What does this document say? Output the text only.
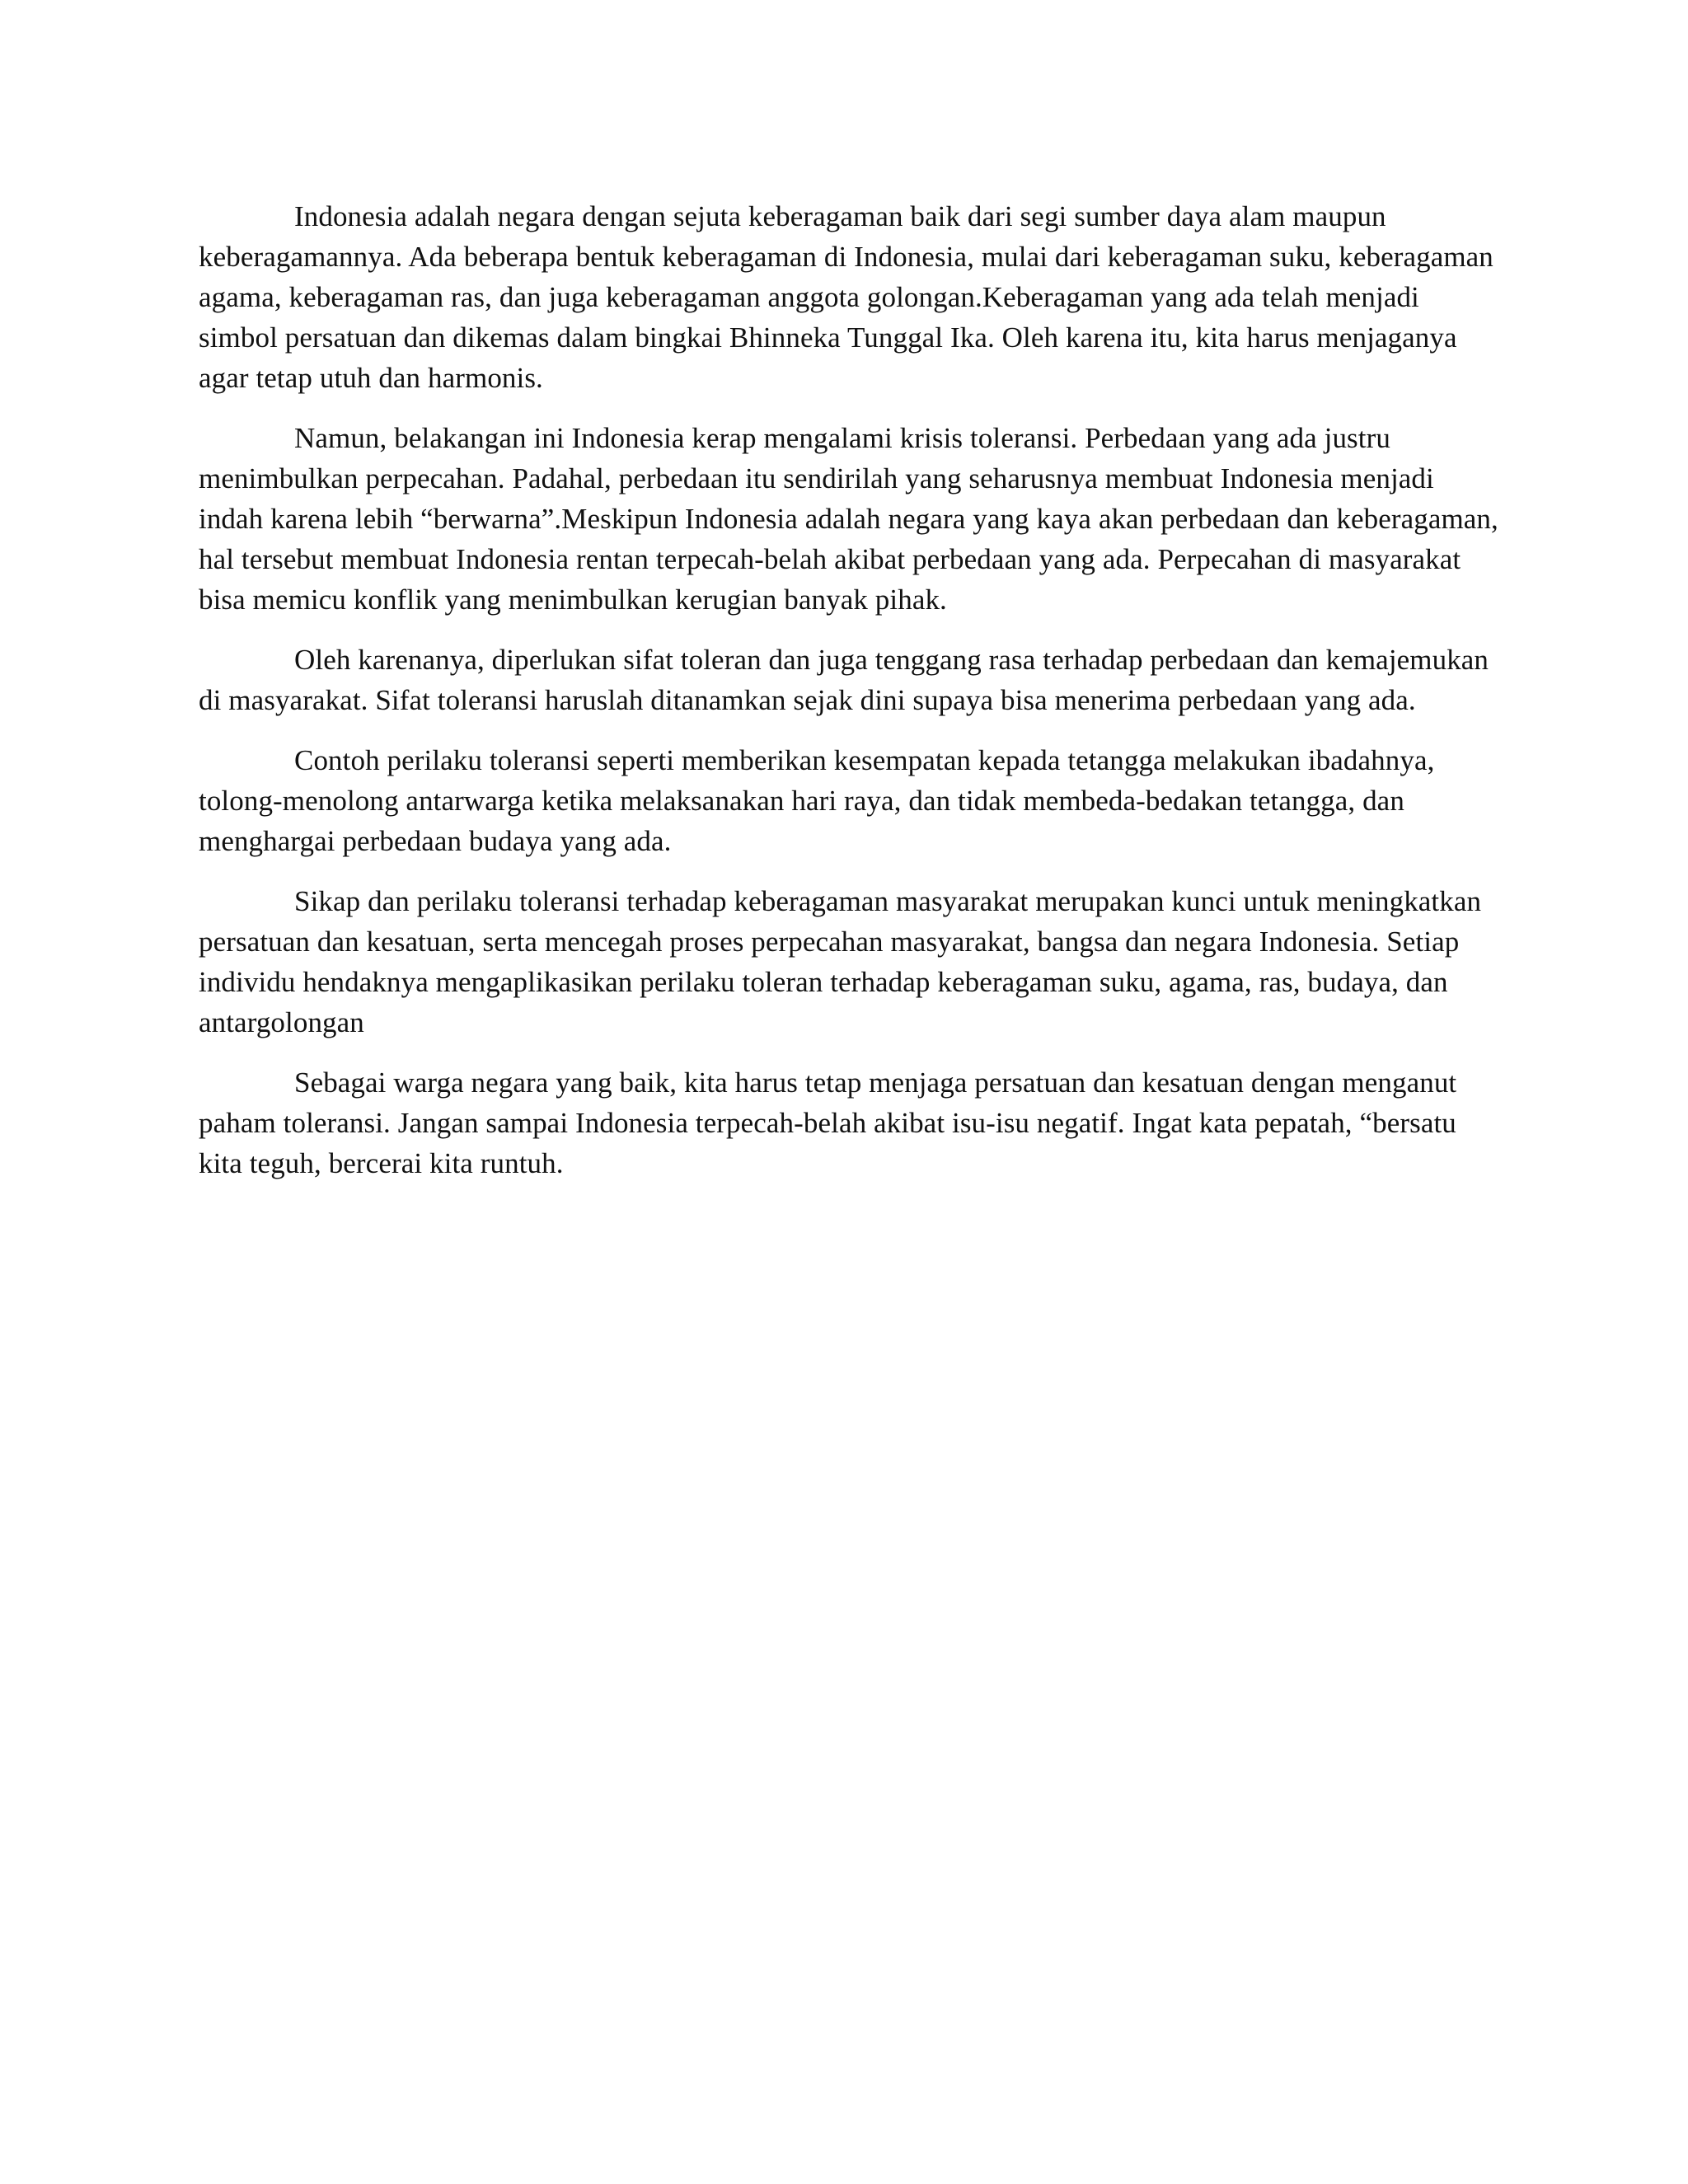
Indonesia adalah negara dengan sejuta keberagaman baik dari segi sumber daya alam maupun keberagamannya. Ada beberapa bentuk keberagaman di Indonesia, mulai dari keberagaman suku, keberagaman agama, keberagaman ras, dan juga keberagaman anggota golongan.Keberagaman yang ada telah menjadi simbol persatuan dan dikemas dalam bingkai Bhinneka Tunggal Ika. Oleh karena itu, kita harus menjaganya agar tetap utuh dan harmonis.

Namun, belakangan ini Indonesia kerap mengalami krisis toleransi. Perbedaan yang ada justru menimbulkan perpecahan. Padahal, perbedaan itu sendirilah yang seharusnya membuat Indonesia menjadi indah karena lebih “berwarna”.Meskipun Indonesia adalah negara yang kaya akan perbedaan dan keberagaman, hal tersebut membuat Indonesia rentan terpecah-belah akibat perbedaan yang ada. Perpecahan di masyarakat bisa memicu konflik yang menimbulkan kerugian banyak pihak.

Oleh karenanya, diperlukan sifat toleran dan juga tenggang rasa terhadap perbedaan dan kemajemukan di masyarakat. Sifat toleransi haruslah ditanamkan sejak dini supaya bisa menerima perbedaan yang ada.

Contoh perilaku toleransi seperti memberikan kesempatan kepada tetangga melakukan ibadahnya, tolong-menolong antarwarga ketika melaksanakan hari raya, dan tidak membeda-bedakan tetangga, dan menghargai perbedaan budaya yang ada.

Sikap dan perilaku toleransi terhadap keberagaman masyarakat merupakan kunci untuk meningkatkan persatuan dan kesatuan, serta mencegah proses perpecahan masyarakat, bangsa dan negara Indonesia. Setiap individu hendaknya mengaplikasikan perilaku toleran terhadap keberagaman suku, agama, ras, budaya, dan antargolongan

Sebagai warga negara yang baik, kita harus tetap menjaga persatuan dan kesatuan dengan menganut paham toleransi. Jangan sampai Indonesia terpecah-belah akibat isu-isu negatif. Ingat kata pepatah, “bersatu kita teguh, bercerai kita runtuh.
